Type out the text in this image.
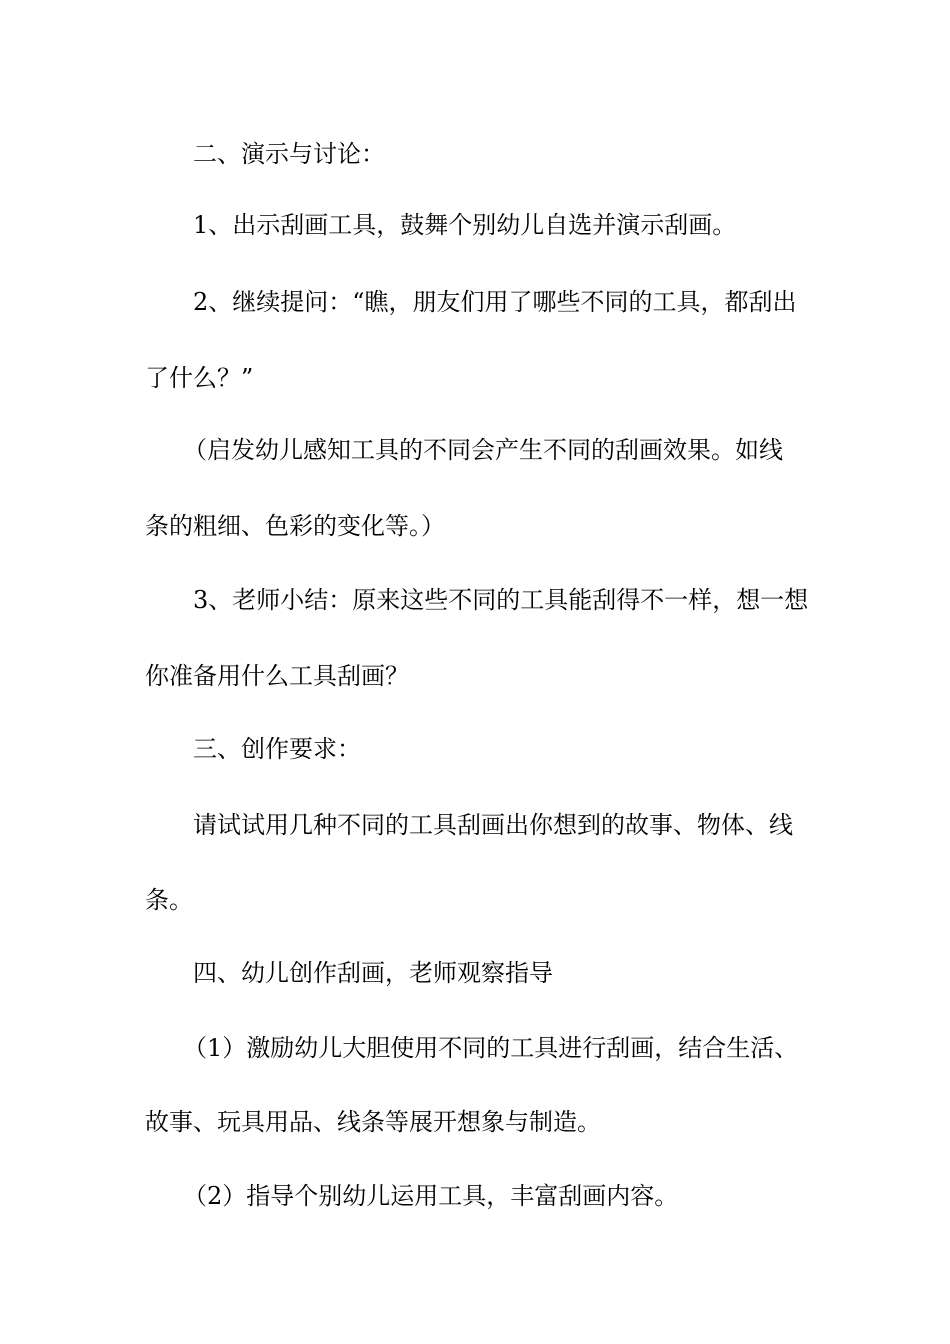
二、演示与讨论：
1、出示刮画工具，鼓舞个别幼儿自选并演示刮画。
2、继续提问：“瞧，朋友们用了哪些不同的工具，都刮出
了什么？”
（启发幼儿感知工具的不同会产生不同的刮画效果。如线
条的粗细、色彩的变化等。）
3、老师小结：原来这些不同的工具能刮得不一样，想一想
你准备用什么工具刮画？
三、创作要求：
请试试用几种不同的工具刮画出你想到的故事、物体、线
条。
四、幼儿创作刮画，老师观察指导
（1）激励幼儿大胆使用不同的工具进行刮画，结合生活、
故事、玩具用品、线条等展开想象与制造。
（2）指导个别幼儿运用工具，丰富刮画内容。
